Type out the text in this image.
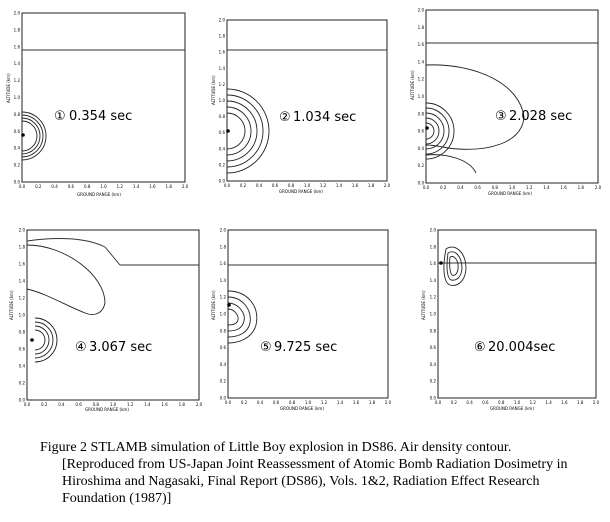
ALTITUDE (km)
GROUND RANGE (km)
① 0.354 sec
0.0
0.2
0.4
0.6
0.8
1.0
1.2
1.4
1.6
1.8
2.0
0.0 0.2 0.4 0.6 0.8 1.0 1.2 1.4 1.6 1.8 2.0
ALTITUDE (km)
GROUND RANGE (km)
② 1.034 sec
0.0
0.2
0.4
0.6
0.8
1.0
1.2
1.4
1.6
1.8
2.0
0.0 0.2 0.4 0.6 0.8 1.0 1.2 1.4 1.6 1.8 2.0
ALTITUDE (km)
GROUND RANGE (km)
③ 2.028 sec
0.0
0.2
0.4
0.6
0.8
1.0
1.2
1.4
1.6
1.8
2.0
0.0	0.2	0.4	0.6	0.8	1.0	1.2	1.4	1.6	1.8	2.0
ALTITUDE (km)
GROUND RANGE (km)
④ 3.067 sec
0.0
0.2
0.4
0.6
0.8
1.0
1.2
1.4
1.6
1.8
2.0
0.0	0.2	0.4	0.6	0.8	1.0	1.2	1.4	1.6	1.8	2.0
ALTITUDE (km)
GROUND RANGE (km)
⑤ 9.725 sec
0.0
0.2
0.4
0.6
0.8
1.0
1.2
1.4
1.6
1.8
2.0
0.0 0.2 0.4 0.6 0.8 1.0 1.2 1.4 1.6 1.8 2.0
ALTITUDE (km)
GROUND RANGE (km)
⑥ 20.004sec
0.0
0.2
0.4
0.6
0.8
1.0
1.2
1.4
1.6
1.8
2.0
0.0 0.2 0.4 0.6 0.8 1.0 1.2 1.4 1.6 1.8 2.0
Figure 2 STLAMB simulation of Little Boy explosion in DS86. Air density contour.
[Reproduced from US-Japan Joint Reassessment of Atomic Bomb Radiation Dosimetry in
Hiroshima and Nagasaki, Final Report (DS86), Vols. 1&2, Radiation Effect Research
Foundation (1987)]
